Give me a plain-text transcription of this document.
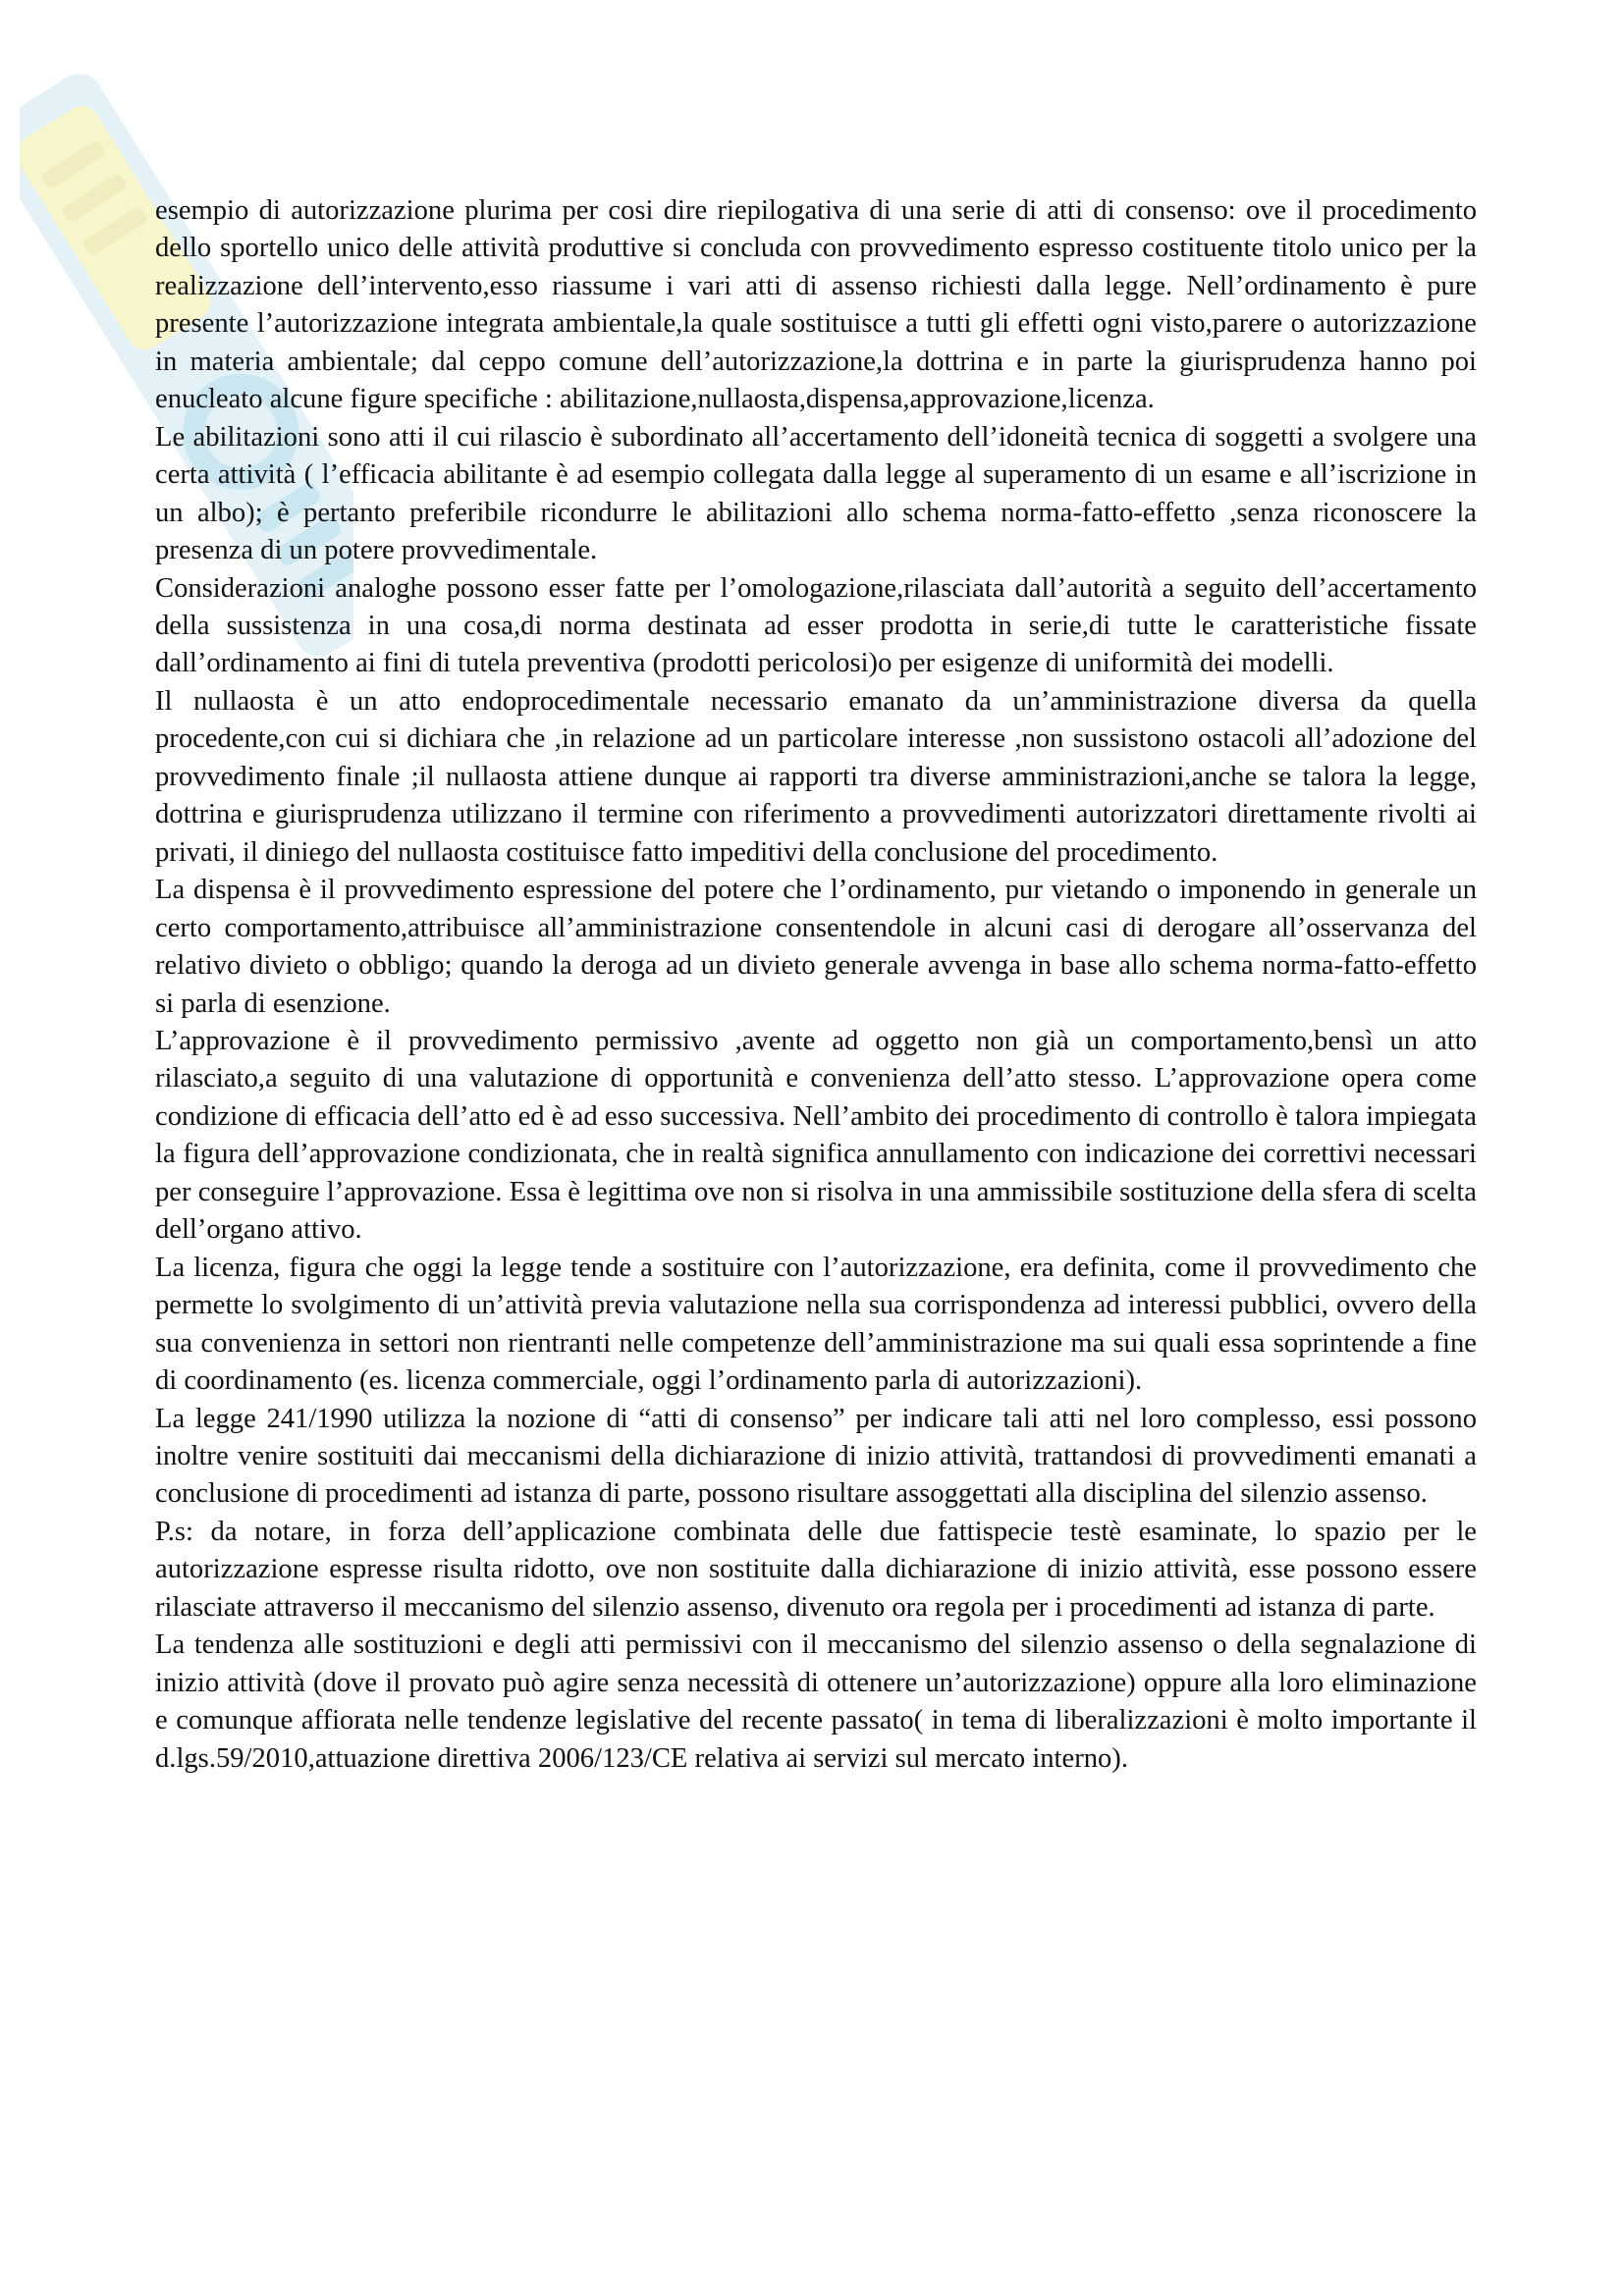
esempio di autorizzazione plurima per cosi dire riepilogativa di una serie di atti di consenso: ove il procedimento dello sportello unico delle attività produttive si concluda con provvedimento espresso costituente titolo unico per la realizzazione dell’intervento,esso riassume i vari atti di assenso richiesti dalla legge. Nell’ordinamento è pure presente l’autorizzazione integrata ambientale,la quale sostituisce a tutti gli effetti ogni visto,parere o autorizzazione in materia ambientale; dal ceppo comune dell’autorizzazione,la dottrina e in parte la giurisprudenza hanno poi enucleato alcune figure specifiche : abilitazione,nullaosta,dispensa,approvazione,licenza.

Le abilitazioni sono atti il cui rilascio è subordinato all’accertamento dell’idoneità tecnica di soggetti a svolgere una certa attività ( l’efficacia abilitante è ad esempio collegata dalla legge al superamento di un esame e all’iscrizione in un albo); è pertanto preferibile ricondurre le abilitazioni allo schema norma-fatto-effetto ,senza riconoscere la presenza di un potere provvedimentale.

Considerazioni analoghe possono esser fatte per l’omologazione,rilasciata dall’autorità a seguito dell’accertamento della sussistenza in una cosa,di norma destinata ad esser prodotta in serie,di tutte le caratteristiche fissate dall’ordinamento ai fini di tutela preventiva (prodotti pericolosi)o per esigenze di uniformità dei modelli.

Il nullaosta è un atto endoprocedimentale necessario emanato da un’amministrazione diversa da quella procedente,con cui si dichiara che ,in relazione ad un particolare interesse ,non sussistono ostacoli all’adozione del provvedimento finale ;il nullaosta attiene dunque ai rapporti tra diverse amministrazioni,anche se talora la legge, dottrina e giurisprudenza utilizzano il termine con riferimento a provvedimenti autorizzatori direttamente rivolti ai privati, il diniego del nullaosta costituisce fatto impeditivi della conclusione del procedimento.

La dispensa è il provvedimento espressione del potere che l’ordinamento, pur vietando o imponendo in generale un certo comportamento,attribuisce all’amministrazione consentendole in alcuni casi di derogare all’osservanza del relativo divieto o obbligo; quando la deroga ad un divieto generale avvenga in base allo schema norma-fatto-effetto si parla di esenzione.

L’approvazione è il provvedimento permissivo ,avente ad oggetto non già un comportamento,bensì un atto rilasciato,a seguito di una valutazione di opportunità e convenienza dell’atto stesso. L’approvazione opera come condizione di efficacia dell’atto ed è ad esso successiva. Nell’ambito dei procedimento di controllo è talora impiegata la figura dell’approvazione condizionata, che in realtà significa annullamento con indicazione dei correttivi necessari per conseguire l’approvazione. Essa è legittima ove non si risolva in una ammissibile sostituzione della sfera di scelta dell’organo attivo.

La licenza, figura che oggi la legge tende a sostituire con l’autorizzazione, era definita, come il provvedimento che permette lo svolgimento di un’attività previa valutazione nella sua corrispondenza ad interessi pubblici, ovvero della sua convenienza in settori non rientranti nelle competenze dell’amministrazione ma sui quali essa soprintende a fine di coordinamento (es. licenza commerciale, oggi l’ordinamento parla di autorizzazioni).

La legge 241/1990 utilizza la nozione di “atti di consenso” per indicare tali atti nel loro complesso, essi possono inoltre venire sostituiti dai meccanismi della dichiarazione di inizio attività, trattandosi di provvedimenti emanati a conclusione di procedimenti ad istanza di parte, possono risultare assoggettati alla disciplina del silenzio assenso.

P.s: da notare, in forza dell’applicazione combinata delle due fattispecie testè esaminate, lo spazio per le autorizzazione espresse risulta ridotto, ove non sostituite dalla dichiarazione di inizio attività, esse possono essere rilasciate attraverso il meccanismo del silenzio assenso, divenuto ora regola per i procedimenti ad istanza di parte.

La tendenza alle sostituzioni e degli atti permissivi con il meccanismo del silenzio assenso o della segnalazione di inizio attività (dove il provato può agire senza necessità di ottenere un’autorizzazione) oppure alla loro eliminazione e comunque affiorata nelle tendenze legislative del recente passato( in tema di liberalizzazioni è molto importante il d.lgs.59/2010,attuazione direttiva 2006/123/CE relativa ai servizi sul mercato interno).
